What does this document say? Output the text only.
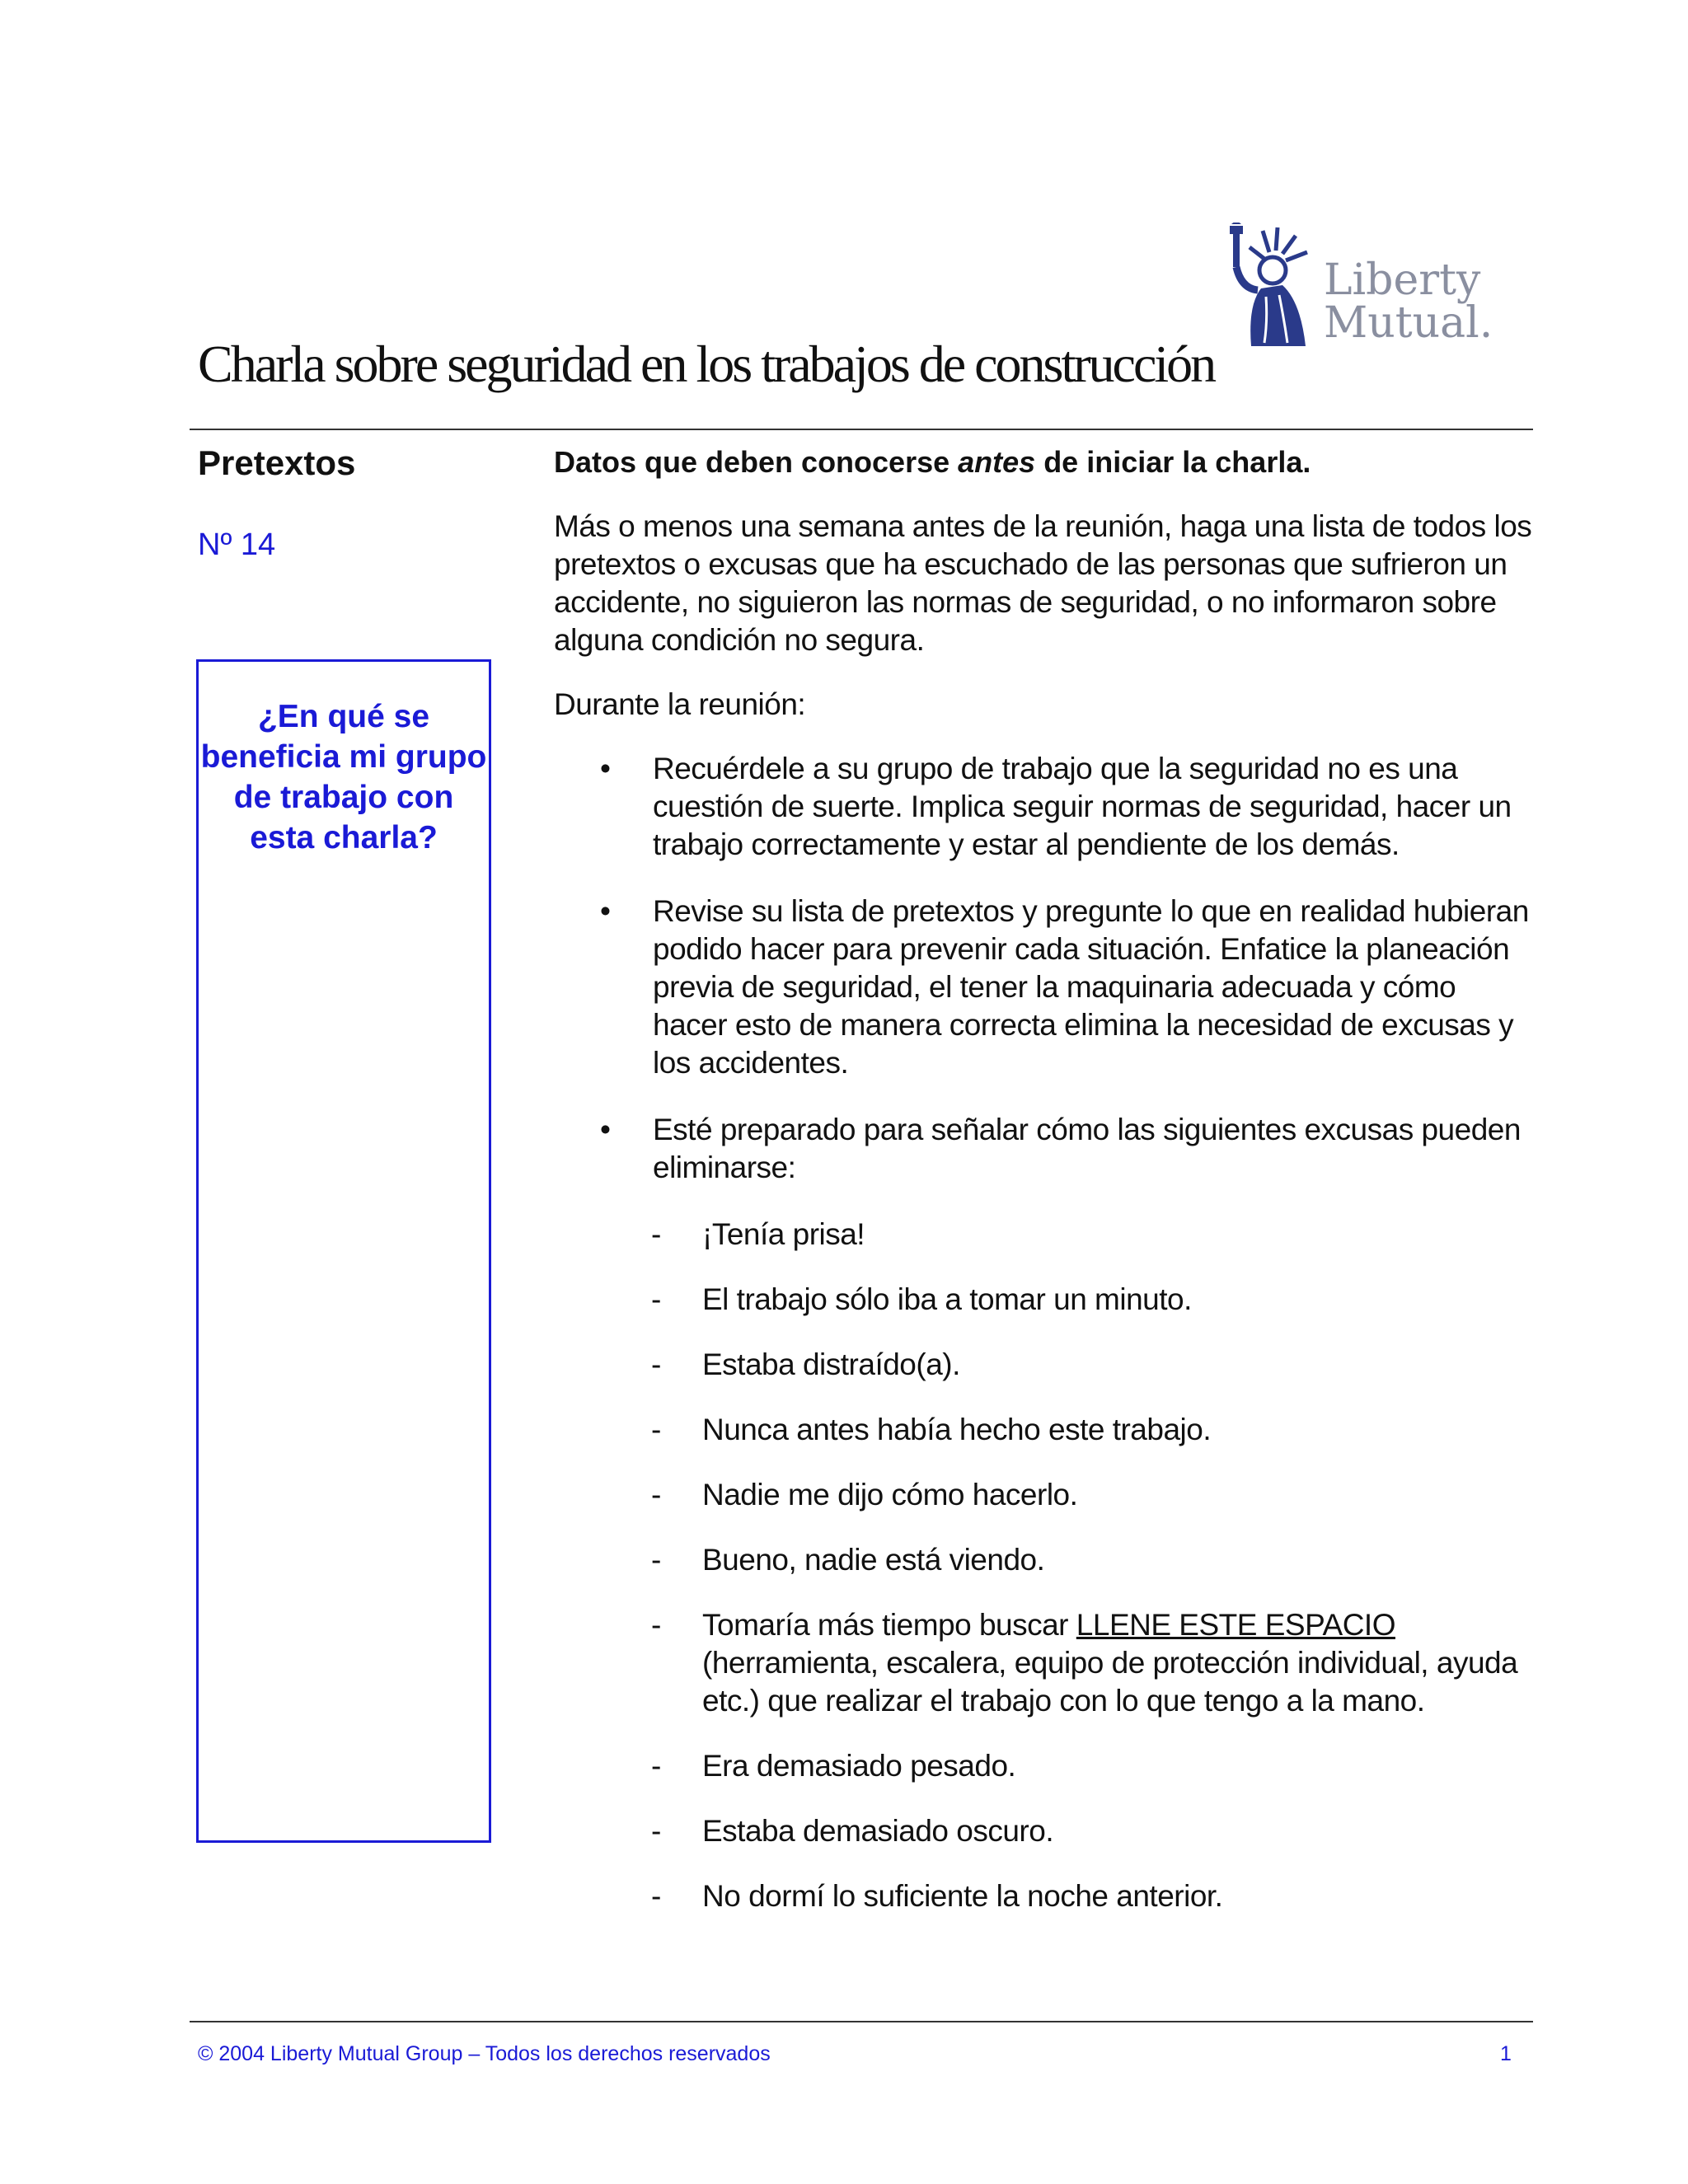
Liberty
Mutual.
Charla sobre seguridad en los trabajos de construcción
Pretextos
Nº 14
¿En qué se beneficia mi grupo de trabajo con esta charla?

Datos que deben conocerse antes de iniciar la charla.

Más o menos una semana antes de la reunión, haga una lista de todos los pretextos o excusas que ha escuchado de las personas que sufrieron un accidente, no siguieron las normas de seguridad, o no informaron sobre alguna condición no segura.

Durante la reunión:

• Recuérdele a su grupo de trabajo que la seguridad no es una cuestión de suerte. Implica seguir normas de seguridad, hacer un trabajo correctamente y estar al pendiente de los demás.
• Revise su lista de pretextos y pregunte lo que en realidad hubieran podido hacer para prevenir cada situación. Enfatice la planeación previa de seguridad, el tener la maquinaria adecuada y cómo hacer esto de manera correcta elimina la necesidad de excusas y los accidentes.
• Esté preparado para señalar cómo las siguientes excusas pueden eliminarse:
- ¡Tenía prisa!
- El trabajo sólo iba a tomar un minuto.
- Estaba distraído(a).
- Nunca antes había hecho este trabajo.
- Nadie me dijo cómo hacerlo.
- Bueno, nadie está viendo.
- Tomaría más tiempo buscar LLENE ESTE ESPACIO (herramienta, escalera, equipo de protección individual, ayuda etc.) que realizar el trabajo con lo que tengo a la mano.
- Era demasiado pesado.
- Estaba demasiado oscuro.
- No dormí lo suficiente la noche anterior.
© 2004 Liberty Mutual Group – Todos los derechos reservados	1
